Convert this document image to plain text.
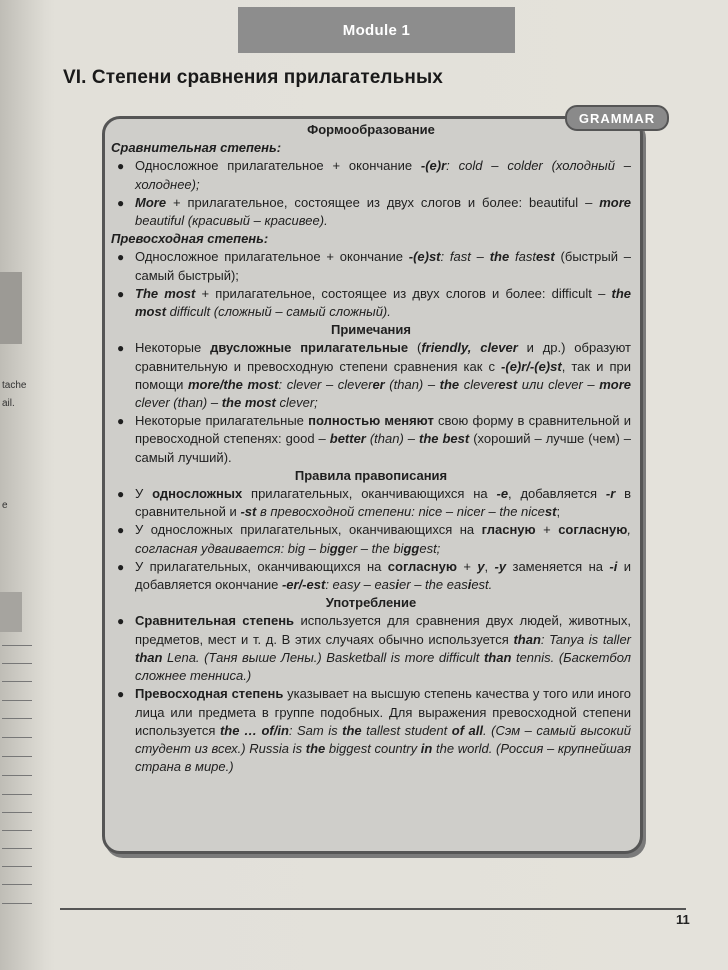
tache
ail.
e
Module 1
VI. Степени сравнения прилагательных
GRAMMAR
Формообразование
Сравнительная степень:
● Односложное прилагательное + окончание -(e)r: cold – colder (холодный – холоднее);
● More + прилагательное, состоящее из двух слогов и более: beautiful – more beautiful (красивый – красивее).
Превосходная степень:
● Односложное прилагательное + окончание -(e)st: fast – the fastest (быстрый – самый быстрый);
● The most + прилагательное, состоящее из двух слогов и более: difficult – the most difficult (сложный – самый сложный).
Примечания
● Некоторые двусложные прилагательные (friendly, clever и др.) образуют сравнительную и превосходную степени сравнения как с -(e)r/-(e)st, так и при помощи more/the most: clever – cleverer (than) – the cleverest или clever – more clever (than) – the most clever;
● Некоторые прилагательные полностью меняют свою форму в сравнительной и превосходной степенях: good – better (than) – the best (хороший – лучше (чем) – самый лучший).
Правила правописания
● У односложных прилагательных, оканчивающихся на -e, добавляется -r в сравнительной и -st в превосходной степени: nice – nicer – the nicest;
● У односложных прилагательных, оканчивающихся на гласную + согласную, согласная удваивается: big – bigger – the biggest;
● У прилагательных, оканчивающихся на согласную + y, -y заменяется на -i и добавляется окончание -er/-est: easy – easier – the easiest.
Употребление
● Сравнительная степень используется для сравнения двух людей, животных, предметов, мест и т. д. В этих случаях обычно используется than: Tanya is taller than Lena. (Таня выше Лены.) Basketball is more difficult than tennis. (Баскетбол сложнее тенниса.)
● Превосходная степень указывает на высшую степень качества у того или иного лица или предмета в группе подобных. Для выражения превосходной степени используется the … of/in: Sam is the tallest student of all. (Сэм – самый высокий студент из всех.) Russia is the biggest country in the world. (Россия – крупнейшая страна в мире.)
11
